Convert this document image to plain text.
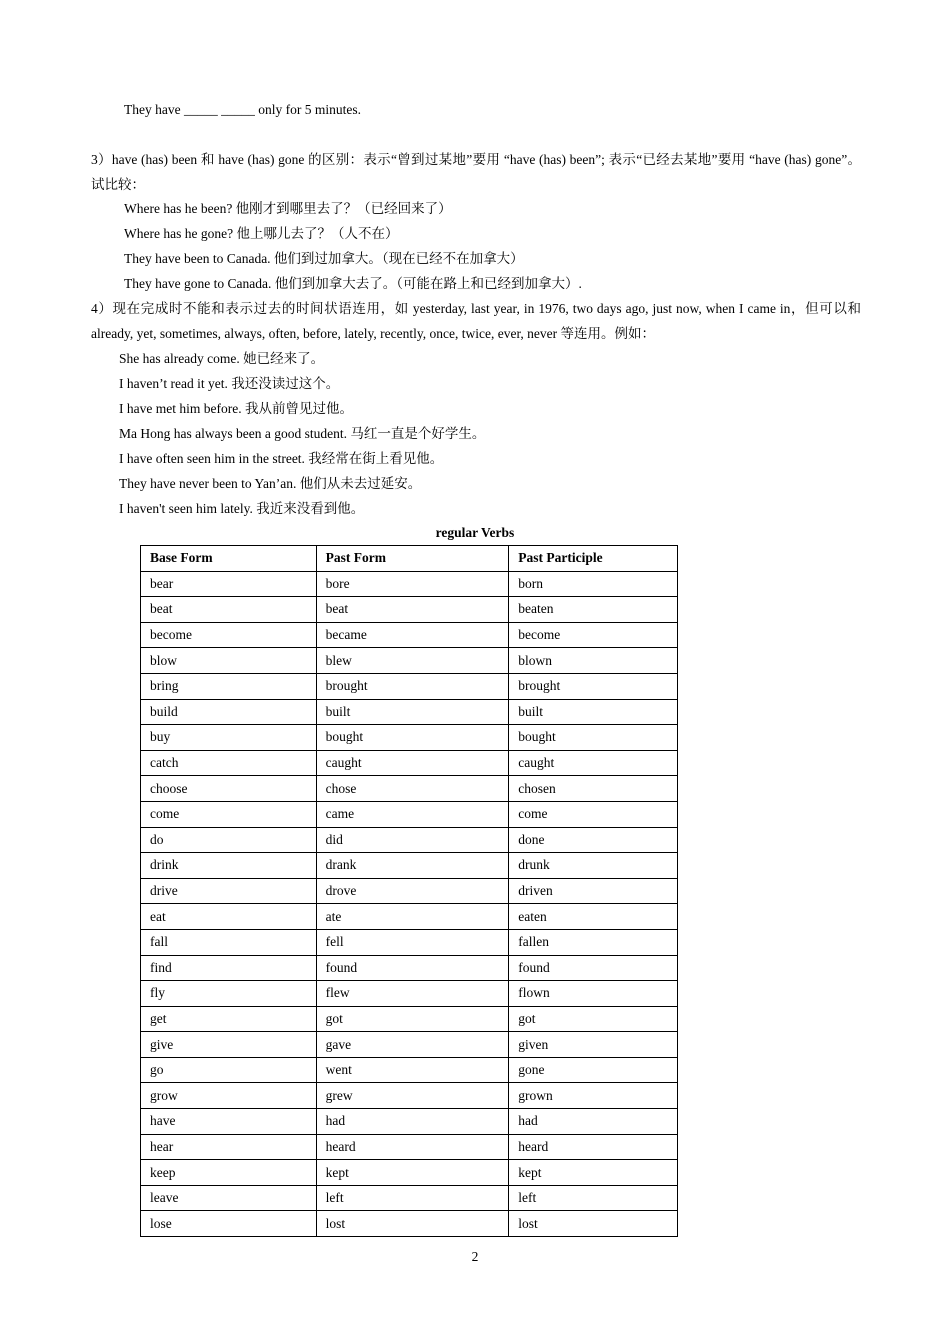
They have _____ _____ only for 5 minutes.
3）have (has) been 和 have (has) gone 的区别：表示“曾到过某地”要用 “have (has) been”; 表示“已经去某地”要用 “have (has) gone”。试比较：
Where has he been? 他刚才到哪里去了？（已经回来了）
Where has he gone? 他上哪儿去了？（人不在）
They have been to Canada. 他们到过加拿大。（现在已经不在加拿大）
They have gone to Canada. 他们到加拿大去了。（可能在路上和已经到加拿大）.
4）现在完成时不能和表示过去的时间状语连用，如 yesterday, last year, in 1976, two days ago, just now, when I came in，但可以和 already, yet, sometimes, always, often, before, lately, recently, once, twice, ever, never 等连用。例如：
She has already come. 她已经来了。
I haven’t read it yet. 我还没读过这个。
I have met him before. 我从前曾见过他。
Ma Hong has always been a good student. 马红一直是个好学生。
I have often seen him in the street. 我经常在街上看见他。
They have never been to Yan’an. 他们从未去过延安。
I haven't seen him lately. 我近来没看到他。
regular Verbs
Base Form	Past Form	Past Participle
bear	bore	born
beat	beat	beaten
become	became	become
blow	blew	blown
bring	brought	brought
build	built	built
buy	bought	bought
catch	caught	caught
choose	chose	chosen
come	came	come
do	did	done
drink	drank	drunk
drive	drove	driven
eat	ate	eaten
fall	fell	fallen
find	found	found
fly	flew	flown
get	got	got
give	gave	given
go	went	gone
grow	grew	grown
have	had	had
hear	heard	heard
keep	kept	kept
leave	left	left
lose	lost	lost
2
